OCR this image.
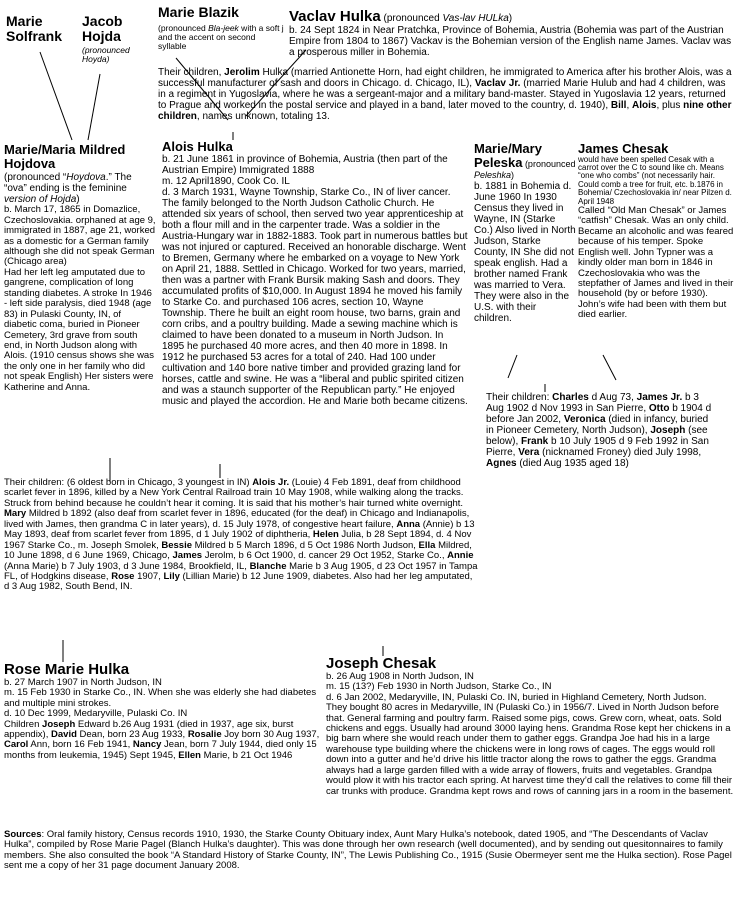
Marie Solfrank
Jacob Hojda
(pronounced Hoyda)
Marie Blazik
(pronounced Bla-jeek with a soft j and the accent on second syllable
Vaclav Hulka (pronounced Vas-lav HULka)

b. 24 Sept 1824 in Near Pratchka, Province of Bohemia, Austria (Bohemia was part of the Austrian Empire from 1804 to 1867) Vackav is the Bohemian version of the English name James. Vaclav was a prosperous miller in Bohemia.

Their children, Jerolim Hulka (married Antionette Horn, had eight children, he immigrated to America after his brother Alois, was a successful manufacturer of sash and doors in Chicago. d. Chicago, IL), Vaclav Jr. (married Marie Hulub and had 4 children, was in a regiment in Yugoslavia, where he was a sergeant-major and a military band-master. Stayed in Yugoslavia 12 years, returned to Prague and worked in the postal service and played in a band, later moved to the country, d. 1940), Bill, Alois, plus nine other children, names unknown, totaling 13.
Marie/Maria Mildred Hojdova

(pronounced “Hoydova.” The “ova” ending is the feminine version of Hojda)

b. March 17, 1865 in Domazlice, Czechoslovakia. orphaned at age 9, immigrated in 1887, age 21, worked as a domestic for a German family although she did not speak German (Chicago area)

Had her left leg amputated due to gangrene, complication of long standing diabetes. A stroke In 1946 - left side paralysis, died 1948 (age 83) in Pulaski County, IN, of diabetic coma, buried in Pioneer Cemetery, 3rd grave from south end, in North Judson along with Alois. (1910 census shows she was the only one in her family who did not speak English) Her sisters were Katherine and Anna.

Alois Hulka

b. 21 June 1861 in province of Bohemia, Austria (then part of the Austrian Empire) Immigrated 1888

m. 12 April1890, Cook Co. IL

d. 3 March 1931, Wayne Township, Starke Co., IN of liver cancer. The family belonged to the North Judson Catholic Church. He attended six years of school, then served two year apprenticeship at both a flour mill and in the carpenter trade. Was a soldier in the Austria-Hungary war in 1882-1883. Took part in numerous battles but was not injured or captured. Received an honorable discharge. Went to Bremen, Germany where he embarked on a voyage to New York on April 21, 1888. Settled in Chicago. Worked for two years, married, then was a partner with Frank Bursik making Sash and doors. They accumulated profits of $10,000. In August 1894 he moved his family to Starke Co. and purchased 106 acres, section 10, Wayne Township. There he built an eight room house, two barns, grain and corn cribs, and a poultry building. Made a sewing machine which is claimed to have been donated to a museum in North Judson. In 1895 he purchased 40 more acres, and then 40 more in 1898. In 1912 he purchased 53 acres for a total of 240. Had 100 under cultivation and 140 bore native timber and provided grazing land for horses, cattle and swine. He was a “liberal and public spirited citizen and was a staunch supporter of the Republican party.” He enjoyed music and played the accordion. He and Marie both became citizens.

Marie/Mary Peleska (pronounced Peleshka)

b. 1881 in Bohemia d. June 1960 In 1930 Census they lived in Wayne, IN (Starke Co.) Also lived in North Judson, Starke County, IN She did not speak english. Had a brother named Frank was married to Vera. They were also in the U.S. with their children.

James Chesak

would have been spelled Cesak with a carrot over the C to sound like ch. Means “one who combs” (not necessarily hair. Could comb a tree for fruit, etc. b.1876 in Bohemia/ Czechoslovakia in/ near Pilzen d. April 1948

Called “Old Man Chesak” or James “catfish” Chesak. Was an only child. Became an alcoholic and was feared because of his temper. Spoke English well. John Typner was a kindly older man born in 1846 in Czechoslovakia who was the stepfather of James and lived in their household (by or before 1930). John’s wife had been with them but died earlier.

Their children: Charles d Aug 73, James Jr. b 3 Aug 1902 d Nov 1993 in San Pierre, Otto b 1904 d before Jan 2002, Veronica (died in infancy, buried in Pioneer Cemetery, North Judson), Joseph (see below), Frank b 10 July 1905 d 9 Feb 1992 in San Pierre, Vera (nicknamed Froney) died July 1998, Agnes (died Aug 1935 aged 18)
Their children: (6 oldest born in Chicago, 3 youngest in IN) Alois Jr. (Louie) 4 Feb 1891, deaf from childhood scarlet fever in 1896, killed by a New York Central Railroad train 10 May 1908, while walking along the tracks. Struck from behind because he couldn’t hear it coming. It is said that his mother’s hair turned white overnight. Mary Mildred b 1892 (also deaf from scarlet fever in 1896, educated (for the deaf) in Chicago and Indianapolis, lived with James, then grandma C in later years), d. 15 July 1978, of congestive heart failure, Anna (Annie) b 13 May 1893, deaf from scarlet fever from 1895, d 1 July 1902 of diphtheria, Helen Julia, b 28 Sept 1894, d. 4 Nov 1967 Starke Co., m. Joseph Smolek, Bessie Mildred b 5 March 1896, d 5 Oct 1986 North Judson, Ella Mildred, 10 June 1898, d 6 June 1969, Chicago, James Jerolm, b 6 Oct 1900, d. cancer 29 Oct 1952, Starke Co., Annie (Anna Marie) b 7 July 1903, d 3 June 1984, Brookfield, IL, Blanche Marie b 3 Aug 1905, d 23 Oct 1957 in Tampa FL, of Hodgkins disease, Rose 1907, Lily (Lillian Marie) b 12 June 1909, diabetes. Also had her leg amputated, d 3 Aug 1982, South Bend, IN.
Rose Marie Hulka

b. 27 March 1907 in North Judson, IN

m. 15 Feb 1930 in Starke Co., IN. When she was elderly she had diabetes and multiple mini strokes.

d. 10 Dec 1999, Medaryville, Pulaski Co. IN

Children Joseph Edward b.26 Aug 1931 (died in 1937, age six, burst appendix), David Dean, born 23 Aug 1933, Rosalie Joy born 30 Aug 1937, Carol Ann, born 16 Feb 1941, Nancy Jean, born 7 July 1944, died only 15 months from leukemia, 1945) Sept 1945, Ellen Marie, b 21 Oct 1946

Joseph Chesak

b. 26 Aug 1908 in North Judson, IN

m. 15 (13?) Feb 1930 in North Judson, Starke Co., IN

d. 6 Jan 2002, Medaryville, IN, Pulaski Co. IN, buried in Highland Cemetery, North Judson.

They bought 80 acres in Medaryville, IN (Pulaski Co.) in 1956/7. Lived in North Judson before that. General farming and poultry farm. Raised some pigs, cows. Grew corn, wheat, oats. Sold chickens and eggs. Usually had around 3000 laying hens. Grandma Rose kept her chickens in a big barn where she would reach under them to gather eggs. Grandpa Joe had his in a large warehouse type building where the chickens were in long rows of cages. The eggs would roll down into a gutter and he’d drive his little tractor along the rows to gather the eggs. Grandma always had a large garden filled with a wide array of flowers, fruits and vegetables. Grandpa would plow it with his tractor each spring. At harvest time they’d call the relatives to come fill their car trunks with produce. Grandma kept rows and rows of canning jars in a room in the basement.

Sources: Oral family history, Census records 1910, 1930, the Starke County Obituary index, Aunt Mary Hulka’s notebook, dated 1905, and “The Descendants of Vaclav Hulka”, compiled by Rose Marie Pagel (Blanch Hulka’s daughter). This was done through her own research (well documented), and by sending out quesitonnaires to family members. She also consulted the book “A Standard History of Starke County, IN”, The Lewis Publishing Co., 1915 (Susie Obermeyer sent me the Hulka section). Rose Pagel sent me a copy of her 31 page document January 2008.
